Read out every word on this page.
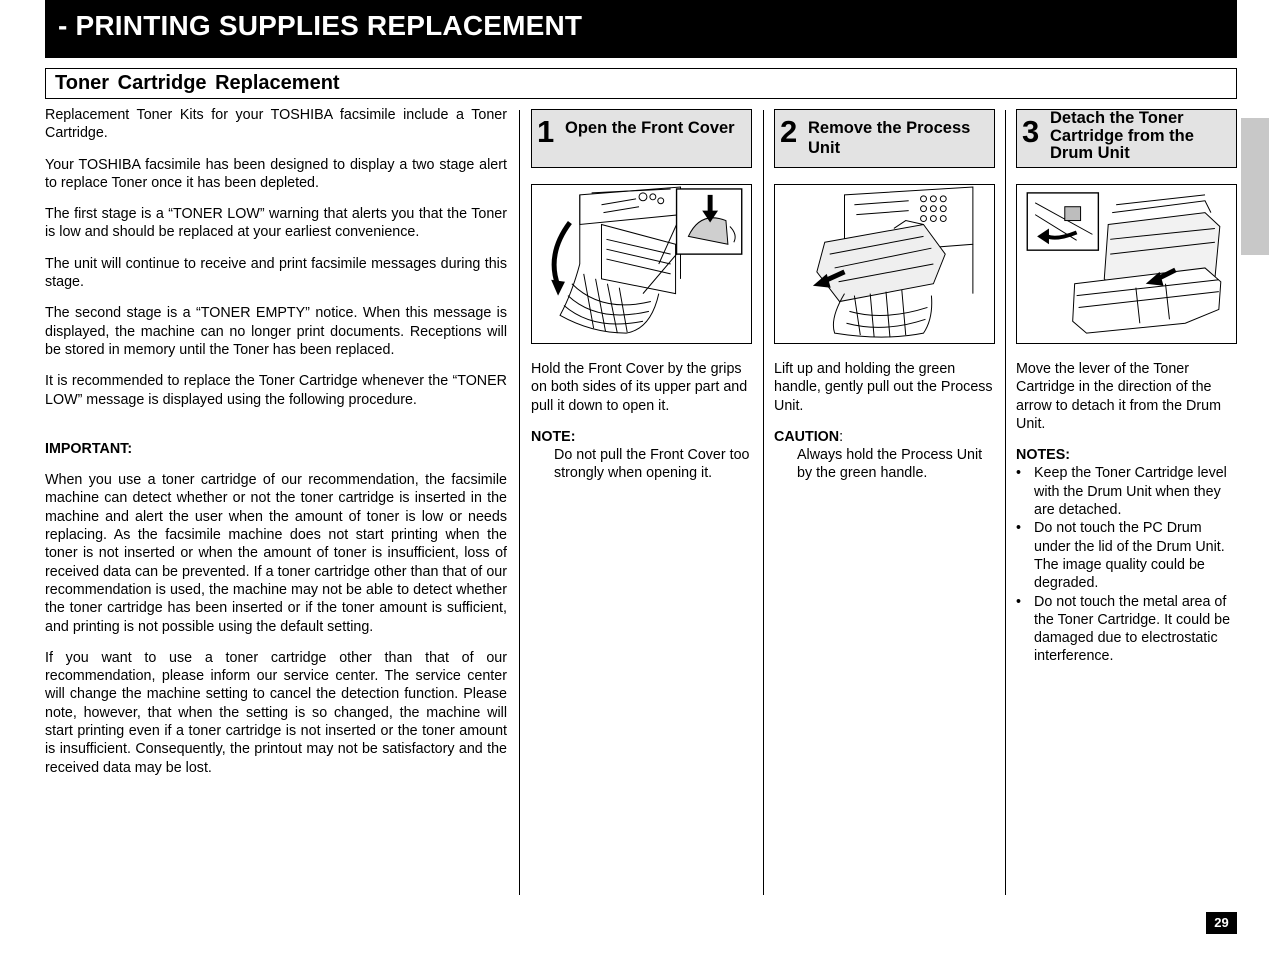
- PRINTING SUPPLIES REPLACEMENT
Toner Cartridge Replacement

Replacement Toner Kits for your TOSHIBA facsimile include a Toner Cartridge.

Your TOSHIBA facsimile has been designed to display a two stage alert to replace Toner once it has been depleted.

The first stage is a “TONER LOW” warning that alerts you that the Toner is low and should be replaced at your earliest convenience.

The unit will continue to receive and print facsimile messages during this stage.

The second stage is a “TONER EMPTY” notice. When this message is displayed, the machine can no longer print documents. Receptions will be stored in memory until the Toner has been replaced.

It is recommended to replace the Toner Cartridge whenever the “TONER LOW” message is displayed using the following procedure.

IMPORTANT:

When you use a toner cartridge of our recommendation, the facsimile machine can detect whether or not the toner cartridge is inserted in the machine and alert the user when the amount of toner is low or needs replacing. As the facsimile machine does not start printing when the toner is not inserted or when the amount of toner is insufficient, loss of received data can be prevented. If a toner cartridge other than that of our recommendation is used, the machine may not be able to detect whether the toner cartridge has been inserted or if the toner amount is sufficient, and printing is not possible using the default setting.

If you want to use a toner cartridge other than that of our recommendation, please inform our service center. The service center will change the machine setting to cancel the detection function. Please note, however, that when the setting is so changed, the machine will start printing even if a toner cartridge is not inserted or the toner amount is insufficient. Consequently, the printout may not be satisfactory and the received data may be lost.

1 Open the Front Cover

Hold the Front Cover by the grips on both sides of its upper part and pull it down to open it.

NOTE:

Do not pull the Front Cover too strongly when opening it.

2 Remove the Process Unit

Lift up and holding the green handle, gently pull out the Process Unit.

CAUTION:

Always hold the Process Unit by the green handle.

3 Detach the Toner Cartridge from the Drum Unit

Move the lever of the Toner Cartridge in the direction of the arrow to detach it from the Drum Unit.

NOTES:

• Keep the Toner Cartridge level with the Drum Unit when they are detached.
• Do not touch the PC Drum under the lid of the Drum Unit. The image quality could be degraded.
• Do not touch the metal area of the Toner Cartridge. It could be damaged due to electrostatic interference.
29
